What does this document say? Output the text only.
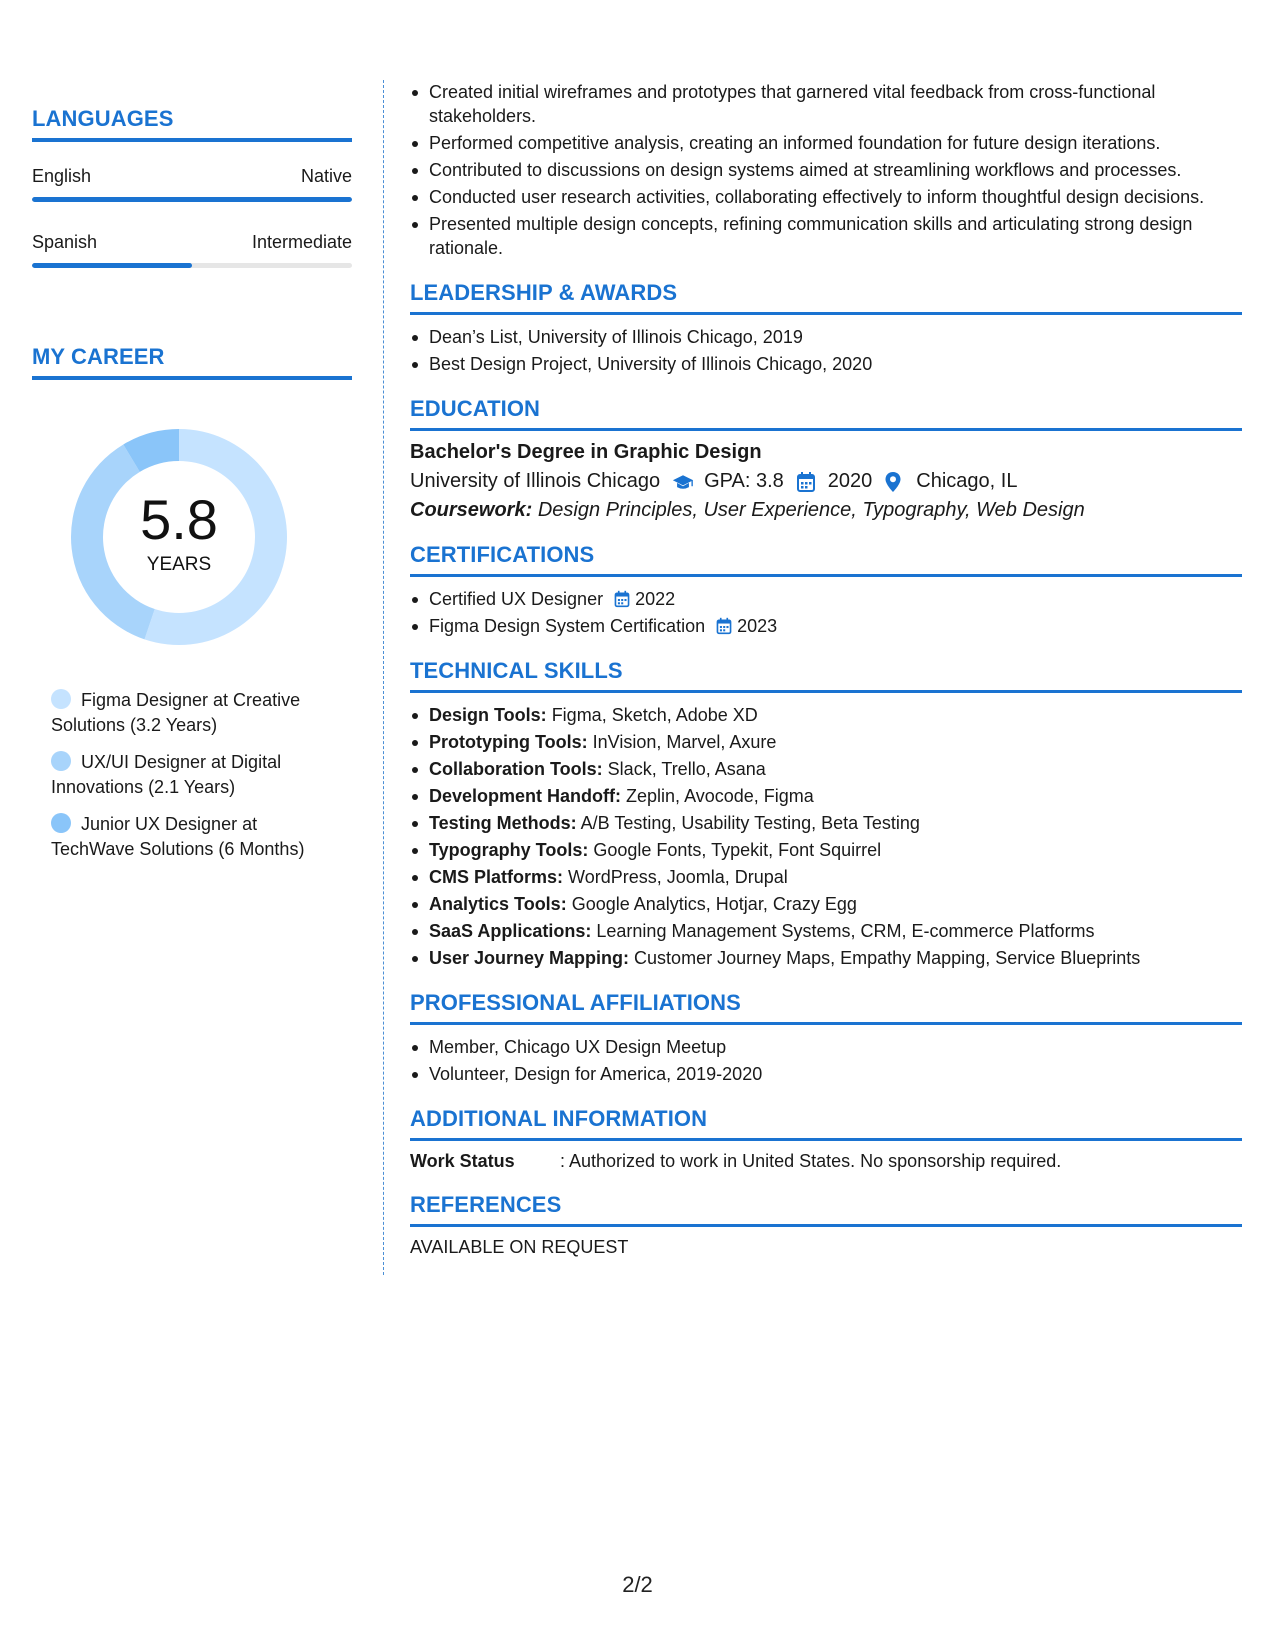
LANGUAGES
English	Native
Spanish	Intermediate
MY CAREER
5.8
YEARS
Figma Designer at Creative Solutions (3.2 Years)
UX/UI Designer at Digital Innovations (2.1 Years)
Junior UX Designer at TechWave Solutions (6 Months)
Created initial wireframes and prototypes that garnered vital feedback from cross-functional stakeholders.
Performed competitive analysis, creating an informed foundation for future design iterations.
Contributed to discussions on design systems aimed at streamlining workflows and processes.
Conducted user research activities, collaborating effectively to inform thoughtful design decisions.
Presented multiple design concepts, refining communication skills and articulating strong design rationale.
LEADERSHIP & AWARDS
Dean’s List, University of Illinois Chicago, 2019
Best Design Project, University of Illinois Chicago, 2020
EDUCATION
Bachelor's Degree in Graphic Design
University of Illinois Chicago GPA: 3.8 2020 Chicago, IL
Coursework: Design Principles, User Experience, Typography, Web Design
CERTIFICATIONS
Certified UX Designer 2022
Figma Design System Certification 2023
TECHNICAL SKILLS
Design Tools: Figma, Sketch, Adobe XD
Prototyping Tools: InVision, Marvel, Axure
Collaboration Tools: Slack, Trello, Asana
Development Handoff: Zeplin, Avocode, Figma
Testing Methods: A/B Testing, Usability Testing, Beta Testing
Typography Tools: Google Fonts, Typekit, Font Squirrel
CMS Platforms: WordPress, Joomla, Drupal
Analytics Tools: Google Analytics, Hotjar, Crazy Egg
SaaS Applications: Learning Management Systems, CRM, E-commerce Platforms
User Journey Mapping: Customer Journey Maps, Empathy Mapping, Service Blueprints
PROFESSIONAL AFFILIATIONS
Member, Chicago UX Design Meetup
Volunteer, Design for America, 2019-2020
ADDITIONAL INFORMATION
Work Status	: Authorized to work in United States. No sponsorship required.
REFERENCES
AVAILABLE ON REQUEST
2/2
